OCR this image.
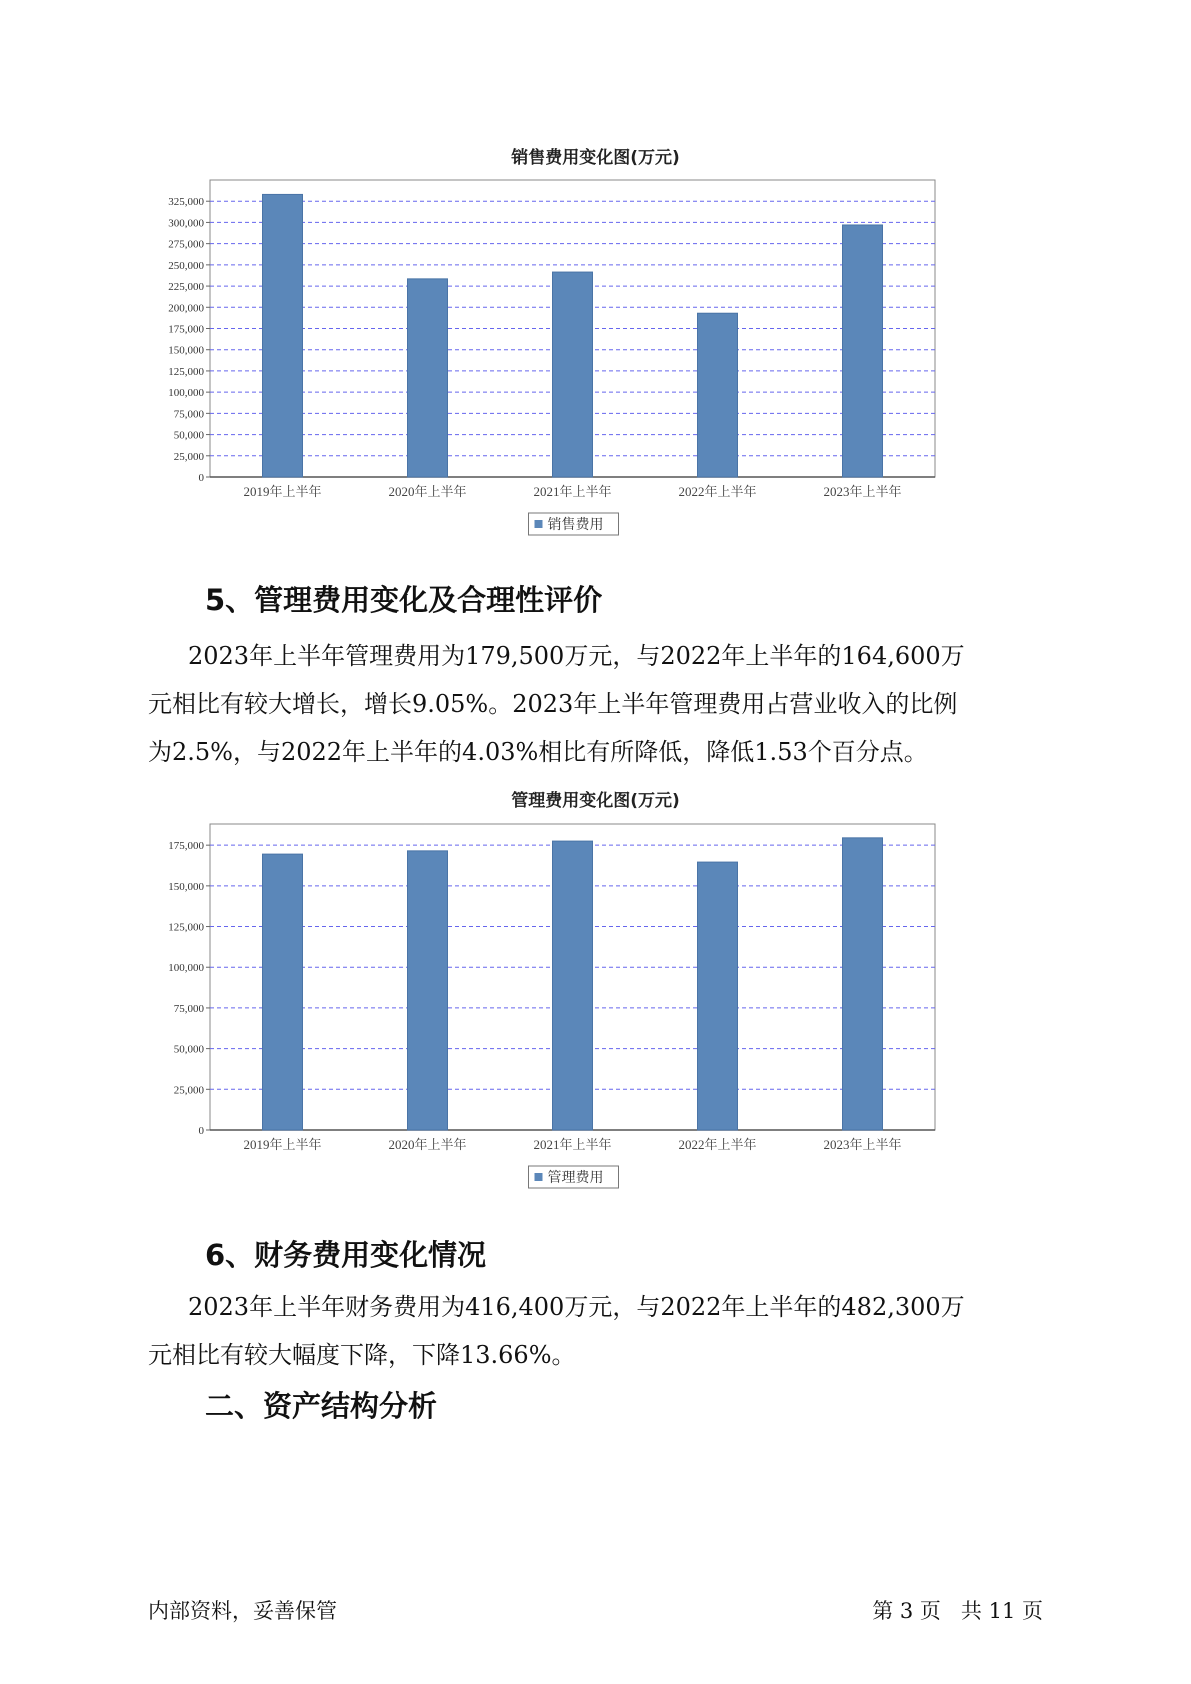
销售费用变化图(万元)
0
25,000
50,000
75,000
100,000
125,000
150,000
175,000
200,000
225,000
250,000
275,000
300,000
325,000
2019年上半年	2020年上半年	2021年上半年	2022年上半年	2023年上半年
销售费用
5、管理费用变化及合理性评价
2023年上半年管理费用为179,500万元，与2022年上半年的164,600万
元相比有较大增长，增长9.05%。2023年上半年管理费用占营业收入的比例
为2.5%，与2022年上半年的4.03%相比有所降低，降低1.53个百分点。
管理费用变化图(万元)
0
25,000
50,000
75,000
100,000
125,000
150,000
175,000
2019年上半年	2020年上半年	2021年上半年	2022年上半年	2023年上半年
管理费用
6、财务费用变化情况
2023年上半年财务费用为416,400万元，与2022年上半年的482,300万
元相比有较大幅度下降，下降13.66%。
二、资产结构分析
内部资料，妥善保管	第 3 页   共 11 页
